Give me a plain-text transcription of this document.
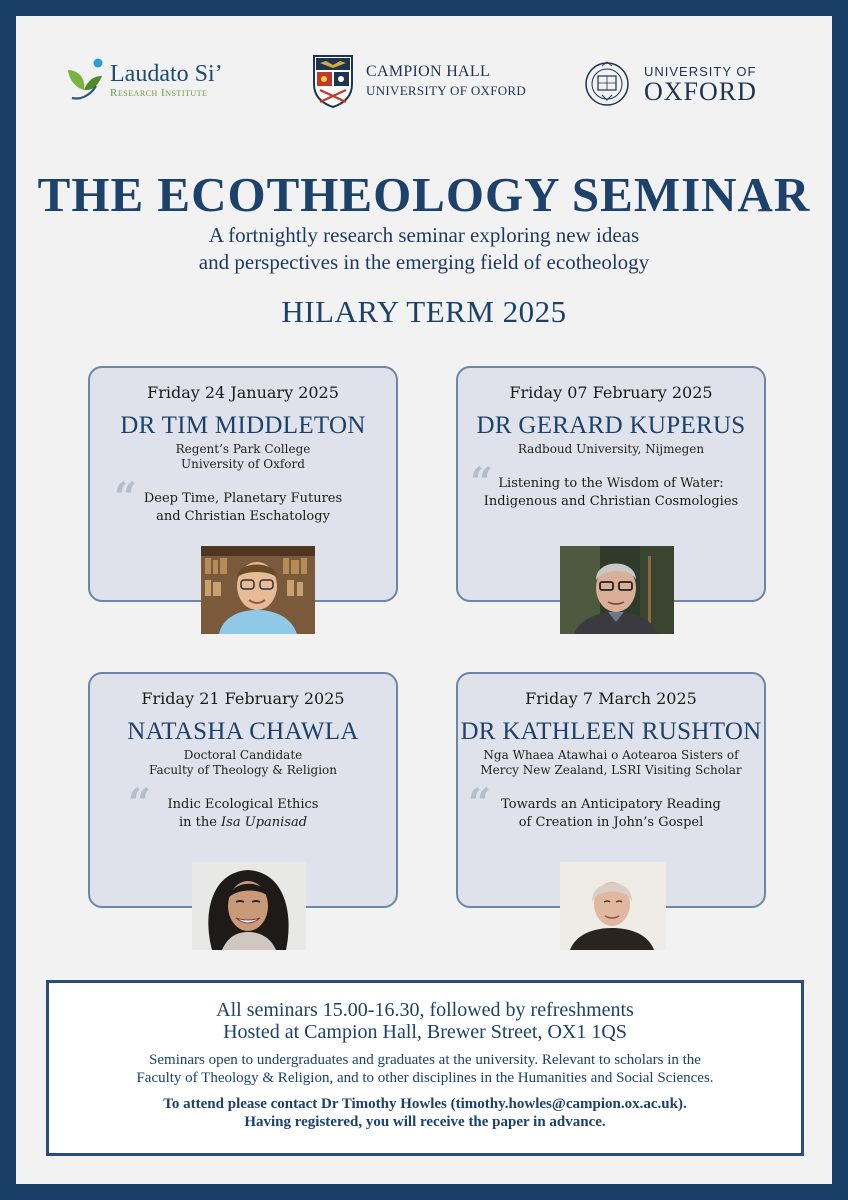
Laudato Si’
Research Institute
CAMPION HALL
UNIVERSITY OF OXFORD
UNIVERSITY OF
OXFORD
THE ECOTHEOLOGY SEMINAR
A fortnightly research seminar exploring new ideas
and perspectives in the emerging field of ecotheology
HILARY TERM 2025
Friday 24 January 2025
DR TIM MIDDLETON
Regent’s Park College
University of Oxford
“ Deep Time, Planetary Futures
and Christian Eschatology
Friday 07 February 2025
DR GERARD KUPERUS
Radboud University, Nijmegen
“ Listening to the Wisdom of Water:
Indigenous and Christian Cosmologies
Friday 21 February 2025
NATASHA CHAWLA
Doctoral Candidate
Faculty of Theology & Religion
“	Indic Ecological Ethics
in the Isa Upanisad
Friday 7 March 2025
DR KATHLEEN RUSHTON
Nga Whaea Atawhai o Aotearoa Sisters of
Mercy New Zealand, LSRI Visiting Scholar
“ Towards an Anticipatory Reading
of Creation in John’s Gospel
All seminars 15.00-16.30, followed by refreshments
Hosted at Campion Hall, Brewer Street, OX1 1QS
Seminars open to undergraduates and graduates at the university. Relevant to scholars in the
Faculty of Theology & Religion, and to other disciplines in the Humanities and Social Sciences.
To attend please contact Dr Timothy Howles (timothy.howles@campion.ox.ac.uk).
Having registered, you will receive the paper in advance.
